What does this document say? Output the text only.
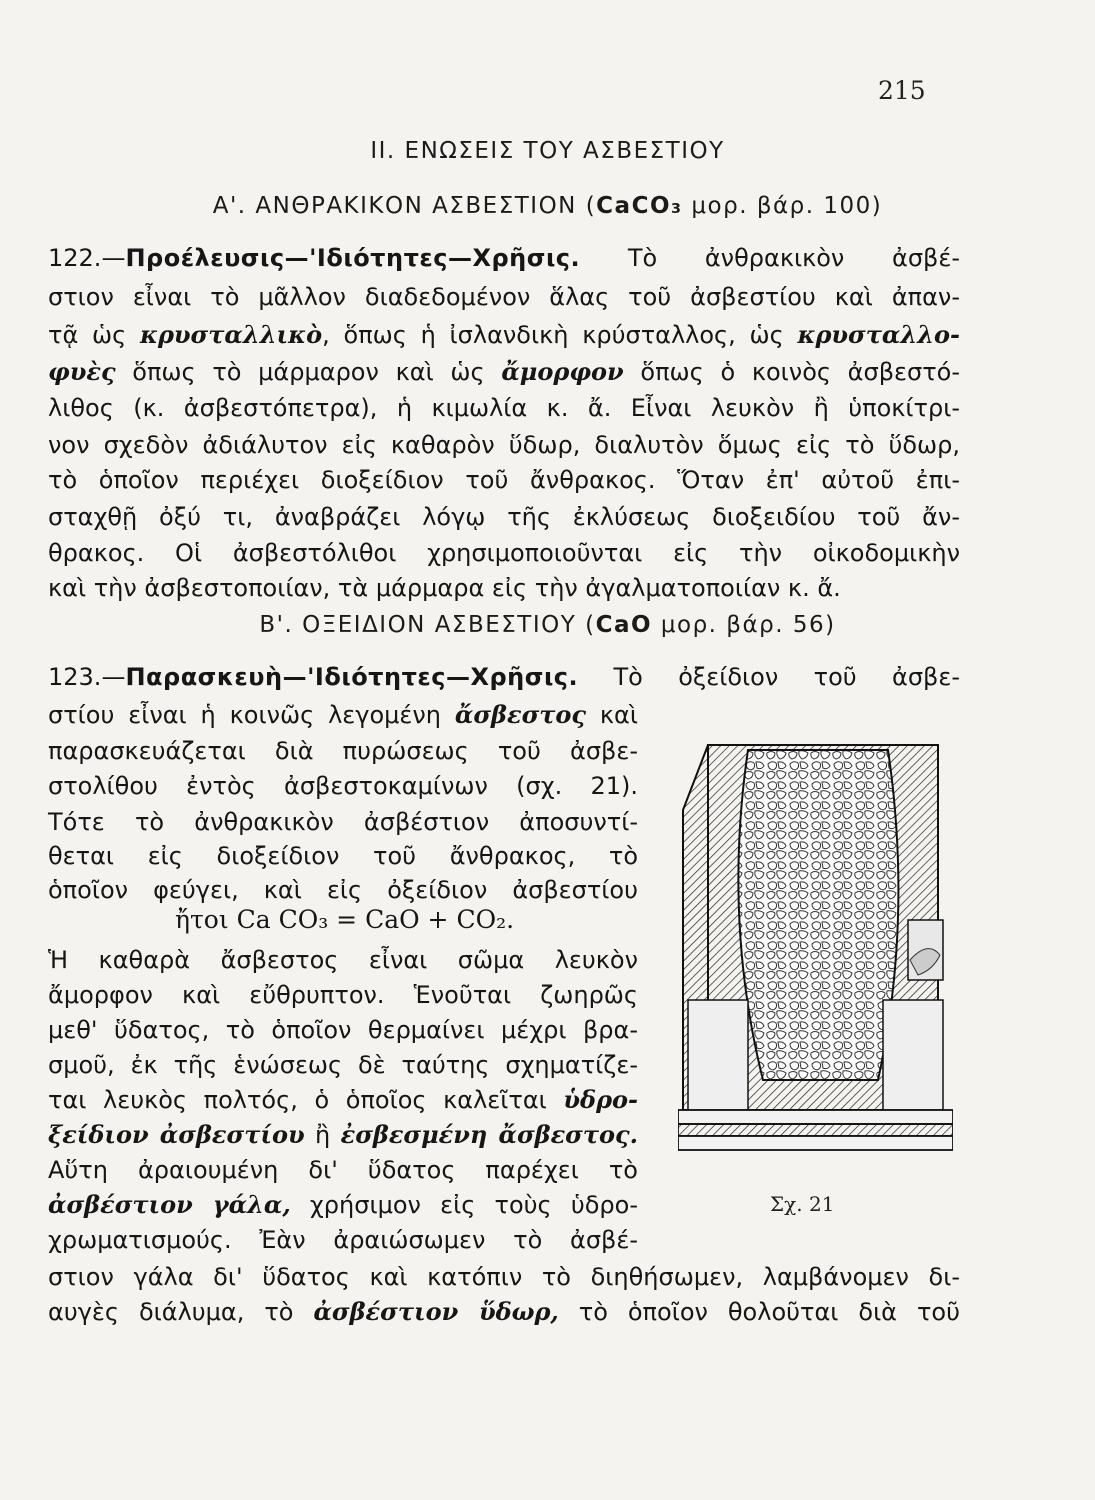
215
ΙΙ. ΕΝΩΣΕΙΣ ΤΟΥ ΑΣΒΕΣΤΙΟΥ
Α'. ΑΝΘΡΑΚΙΚΟΝ ΑΣΒΕΣΤΙΟΝ (CaCO₃ μορ. βάρ. 100)
122.—Προέλευσις—'Ιδιότητες—Χρῆσις. Τὸ ἀνθρακικὸν ἀσβέ-
στιον εἶναι τὸ μᾶλλον διαδεδομένον ἅλας τοῦ ἀσβεστίου καὶ ἀπαν-
τᾷ ὡς κρυσταλλικὸ, ὅπως ἡ ἰσλανδικὴ κρύσταλλος, ὡς κρυσταλλο-
φυὲς ὅπως τὸ μάρμαρον καὶ ὡς ἄμορφον ὅπως ὁ κοινὸς ἀσβεστό-
λιθος (κ. ἀσβεστόπετρα), ἡ κιμωλία κ. ἄ. Εἶναι λευκὸν ἢ ὑποκίτρι-
νον σχεδὸν ἀδιάλυτον εἰς καθαρὸν ὕδωρ, διαλυτὸν ὅμως εἰς τὸ ὕδωρ,
τὸ ὁποῖον περιέχει διοξείδιον τοῦ ἄνθρακος. Ὅταν ἐπ' αὐτοῦ ἐπι-
σταχθῇ ὀξύ τι, ἀναβράζει λόγῳ τῆς ἐκλύσεως διοξειδίου τοῦ ἄν-
θρακος. Οἱ ἀσβεστόλιθοι χρησιμοποιοῦνται εἰς τὴν οἰκοδομικὴν
καὶ τὴν ἀσβεστοποιίαν, τὰ μάρμαρα εἰς τὴν ἀγαλματοποιίαν κ. ἄ.
Β'. ΟΞΕΙΔΙΟΝ ΑΣΒΕΣΤΙΟΥ (CaO μορ. βάρ. 56)
123.—Παρασκευὴ—'Ιδιότητες—Χρῆσις. Τὸ ὀξείδιον τοῦ ἀσβε-
στίου εἶναι ἡ κοινῶς λεγομένη ἄσβεστος καὶ
παρασκευάζεται διὰ πυρώσεως τοῦ ἀσβε-
στολίθου ἐντὸς ἀσβεστοκαμίνων (σχ. 21).
Τότε τὸ ἀνθρακικὸν ἀσβέστιον ἀποσυντί-
θεται εἰς διοξείδιον τοῦ ἄνθρακος, τὸ
ὁποῖον φεύγει, καὶ εἰς ὀξείδιον ἀσβεστίου
ἤτοι Ca CO₃ = CaO + CO₂.
Ἡ καθαρὰ ἄσβεστος εἶναι σῶμα λευκὸν
ἄμορφον καὶ εὔθρυπτον. Ἑνοῦται ζωηρῶς
μεθ' ὕδατος, τὸ ὁποῖον θερμαίνει μέχρι βρα-
σμοῦ, ἐκ τῆς ἑνώσεως δὲ ταύτης σχηματίζε-
ται λευκὸς πολτός, ὁ ὁποῖος καλεῖται ὑδρο-
ξείδιον ἀσβεστίου ἢ ἐσβεσμένη ἄσβεστος.
Αὕτη ἀραιουμένη δι' ὕδατος παρέχει τὸ
ἀσβέστιον γάλα, χρήσιμον εἰς τοὺς ὑδρο-
χρωματισμούς. Ἐὰν ἀραιώσωμεν τὸ ἀσβέ-
στιον γάλα δι' ὕδατος καὶ κατόπιν τὸ διηθήσωμεν, λαμβάνομεν δι-
αυγὲς διάλυμα, τὸ ἀσβέστιον ὕδωρ, τὸ ὁποῖον θολοῦται διὰ τοῦ
Σχ. 21
